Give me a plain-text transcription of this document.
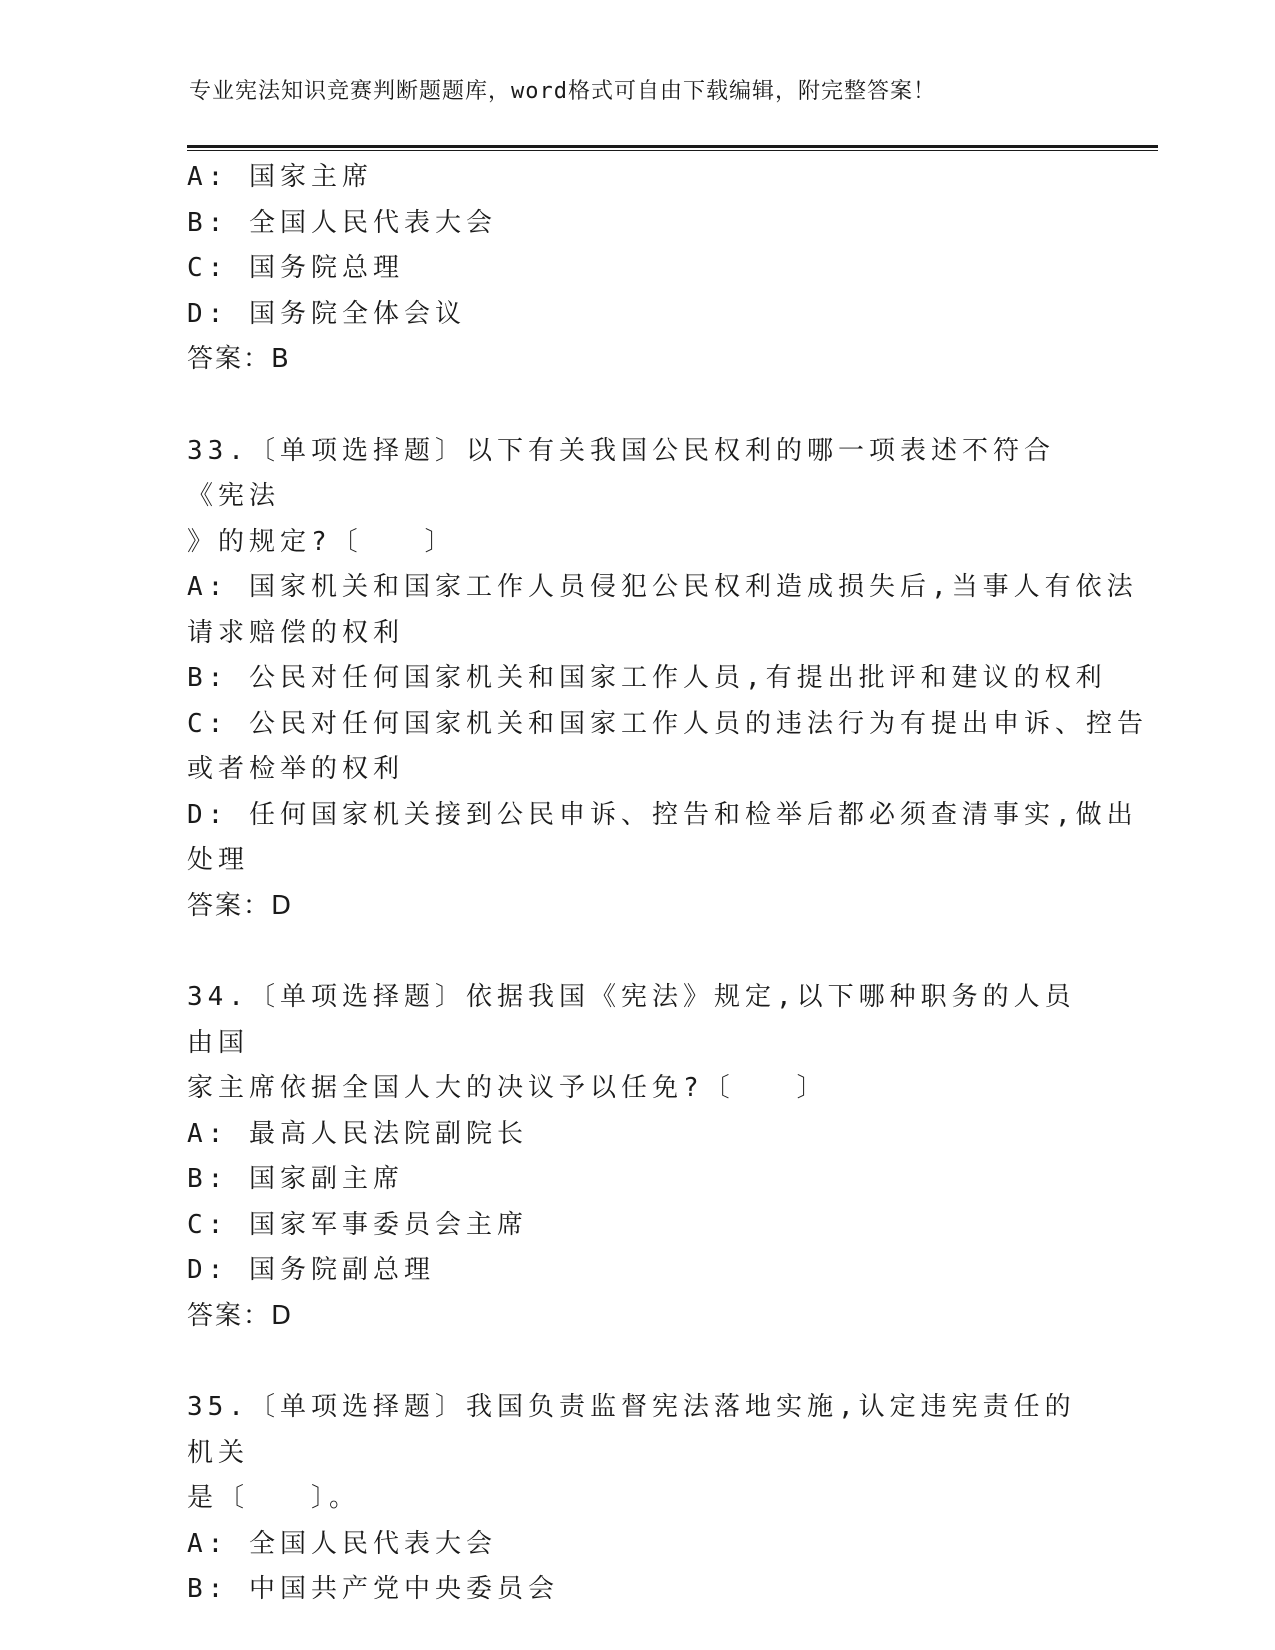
专业宪法知识竞赛判断题题库，word格式可自由下载编辑，附完整答案！
A: 国家主席
B: 全国人民代表大会
C: 国务院总理
D: 国务院全体会议
答案：B
33.〔单项选择题〕以下有关我国公民权利的哪一项表述不符合《宪法
》的规定?〔　　〕
A: 国家机关和国家工作人员侵犯公民权利造成损失后,当事人有依法
请求赔偿的权利
B: 公民对任何国家机关和国家工作人员,有提出批评和建议的权利
C: 公民对任何国家机关和国家工作人员的违法行为有提出申诉、控告
或者检举的权利
D: 任何国家机关接到公民申诉、控告和检举后都必须查清事实,做出
处理
答案：D
34.〔单项选择题〕依据我国《宪法》规定,以下哪种职务的人员由国
家主席依据全国人大的决议予以任免?〔　　〕
A: 最高人民法院副院长
B: 国家副主席
C: 国家军事委员会主席
D: 国务院副总理
答案：D
35.〔单项选择题〕我国负责监督宪法落地实施,认定违宪责任的机关
是〔　　〕。
A: 全国人民代表大会
B: 中国共产党中央委员会
